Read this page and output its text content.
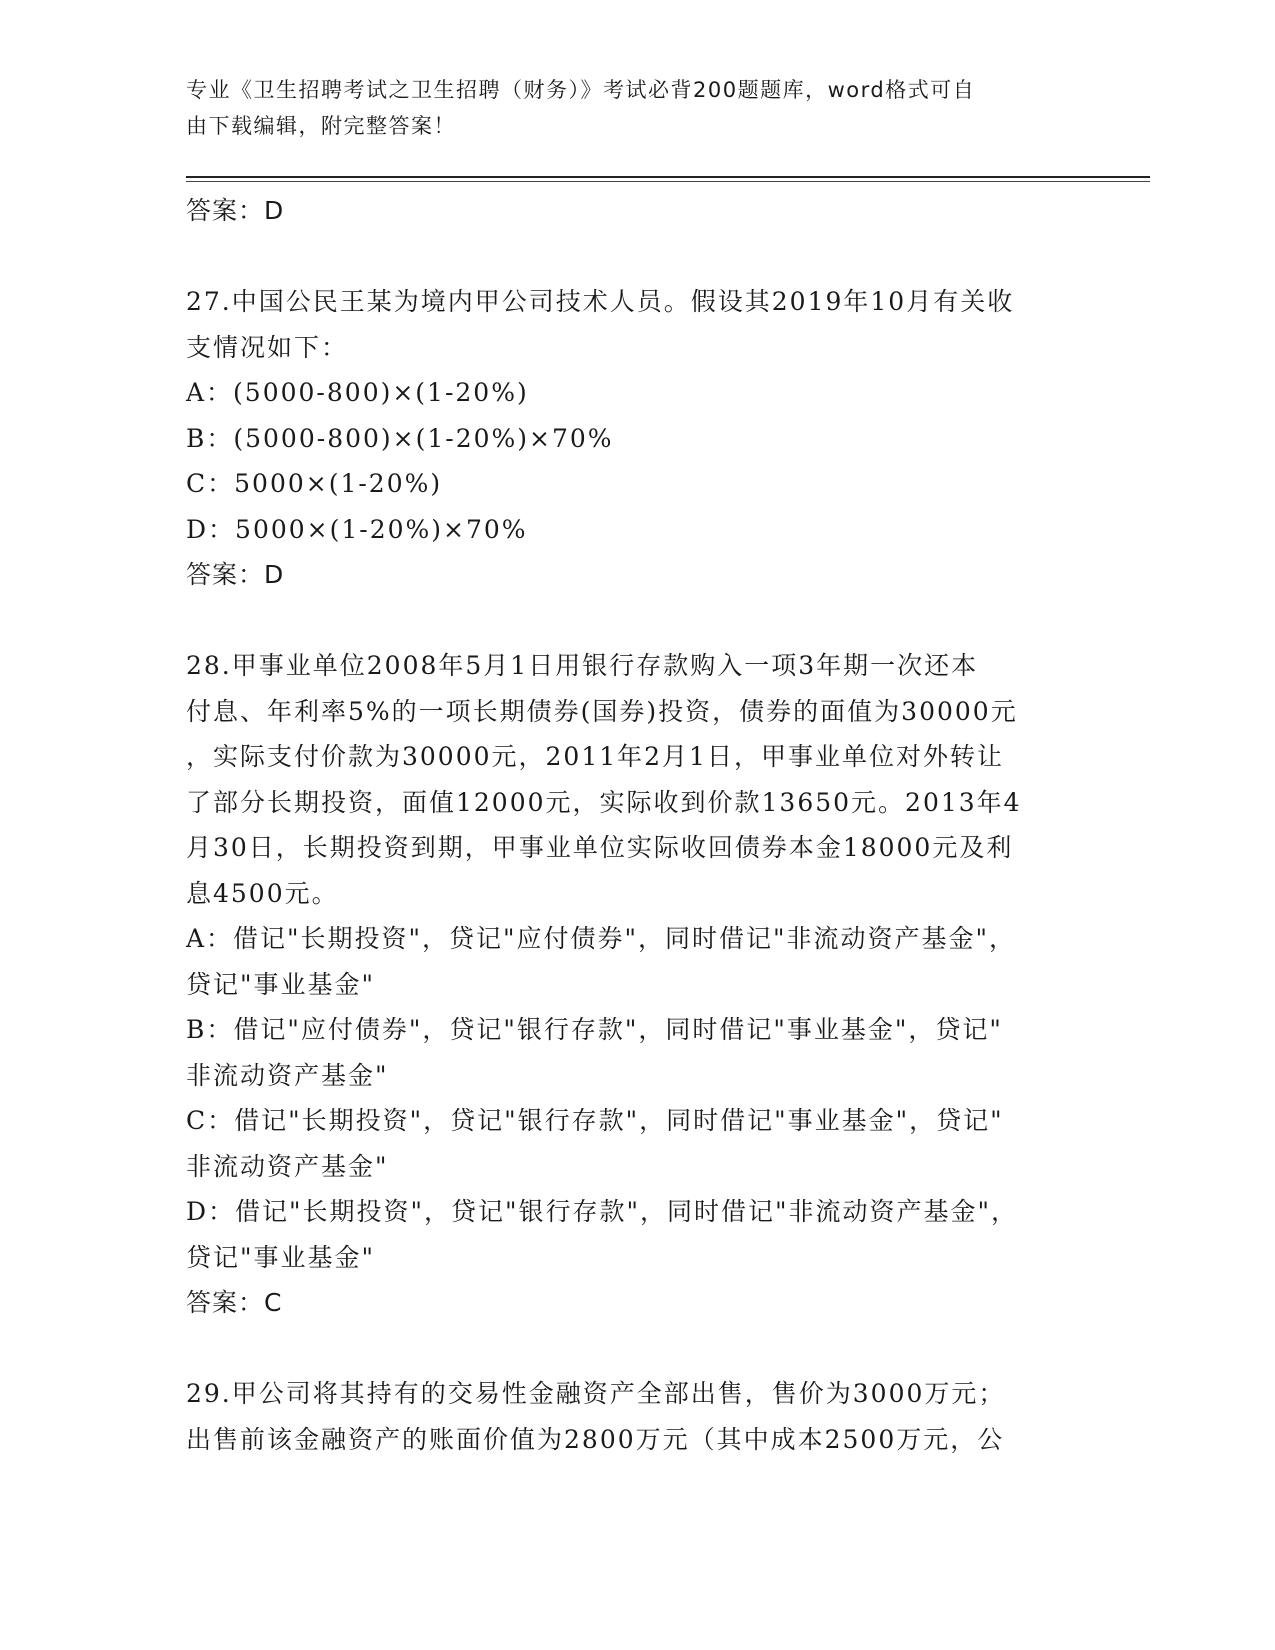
专业《卫生招聘考试之卫生招聘（财务）》考试必背200题题库，word格式可自
由下载编辑，附完整答案！
答案：D
27.中国公民王某为境内甲公司技术人员。假设其2019年10月有关收
支情况如下：
A：(5000-800)×(1-20%)
B：(5000-800)×(1-20%)×70%
C：5000×(1-20%)
D：5000×(1-20%)×70%
答案：D
28.甲事业单位2008年5月1日用银行存款购入一项3年期一次还本
付息、年利率5%的一项长期债券(国券)投资，债券的面值为30000元
，实际支付价款为30000元，2011年2月1日，甲事业单位对外转让
了部分长期投资，面值12000元，实际收到价款13650元。2013年4
月30日，长期投资到期，甲事业单位实际收回债券本金18000元及利
息4500元。
A：借记"长期投资"，贷记"应付债券"，同时借记"非流动资产基金"，
贷记"事业基金"
B：借记"应付债券"，贷记"银行存款"，同时借记"事业基金"，贷记"
非流动资产基金"
C：借记"长期投资"，贷记"银行存款"，同时借记"事业基金"，贷记"
非流动资产基金"
D：借记"长期投资"，贷记"银行存款"，同时借记"非流动资产基金"，
贷记"事业基金"
答案：C
29.甲公司将其持有的交易性金融资产全部出售，售价为3000万元；
出售前该金融资产的账面价值为2800万元（其中成本2500万元，公
